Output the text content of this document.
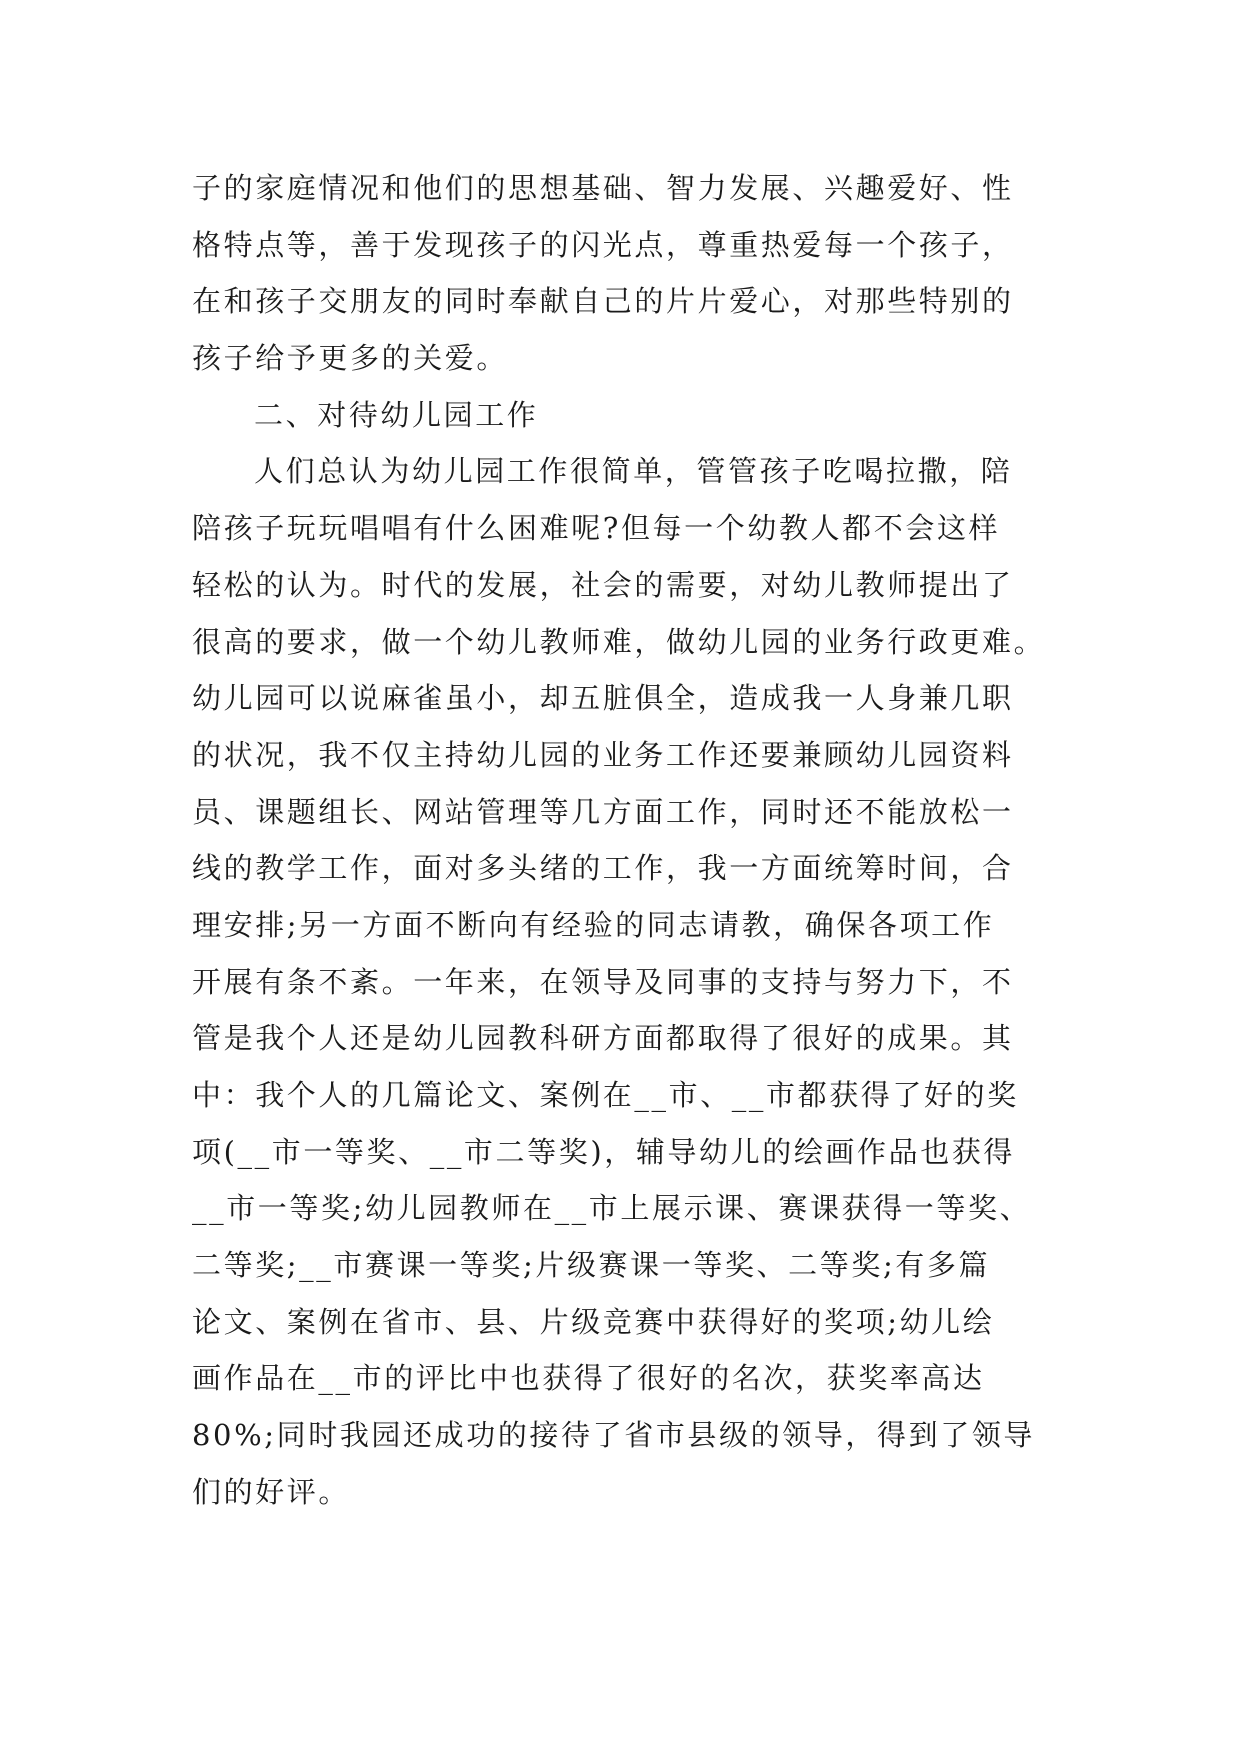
子的家庭情况和他们的思想基础、智力发展、兴趣爱好、性
格特点等，善于发现孩子的闪光点，尊重热爱每一个孩子，
在和孩子交朋友的同时奉献自己的片片爱心，对那些特别的
孩子给予更多的关爱。
二、对待幼儿园工作
人们总认为幼儿园工作很简单，管管孩子吃喝拉撒，陪
陪孩子玩玩唱唱有什么困难呢?但每一个幼教人都不会这样
轻松的认为。时代的发展，社会的需要，对幼儿教师提出了
很高的要求，做一个幼儿教师难，做幼儿园的业务行政更难。
幼儿园可以说麻雀虽小，却五脏俱全，造成我一人身兼几职
的状况，我不仅主持幼儿园的业务工作还要兼顾幼儿园资料
员、课题组长、网站管理等几方面工作，同时还不能放松一
线的教学工作，面对多头绪的工作，我一方面统筹时间，合
理安排;另一方面不断向有经验的同志请教，确保各项工作
开展有条不紊。一年来，在领导及同事的支持与努力下，不
管是我个人还是幼儿园教科研方面都取得了很好的成果。其
中：我个人的几篇论文、案例在__市、__市都获得了好的奖
项(__市一等奖、__市二等奖)，辅导幼儿的绘画作品也获得
__市一等奖;幼儿园教师在__市上展示课、赛课获得一等奖、
二等奖;__市赛课一等奖;片级赛课一等奖、二等奖;有多篇
论文、案例在省市、县、片级竞赛中获得好的奖项;幼儿绘
画作品在__市的评比中也获得了很好的名次，获奖率高达
80%;同时我园还成功的接待了省市县级的领导，得到了领导
们的好评。
